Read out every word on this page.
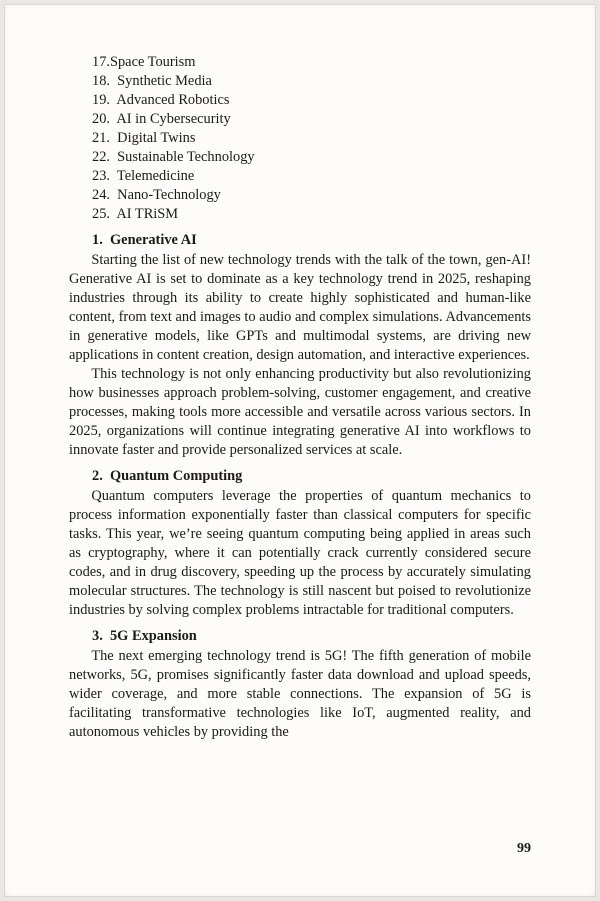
17.Space Tourism
18.  Synthetic Media
19.  Advanced Robotics
20.  AI in Cybersecurity
21.  Digital Twins
22.  Sustainable Technology
23.  Telemedicine
24.  Nano-Technology
25.  AI TRiSM
1.  Generative AI

Starting the list of new technology trends with the talk of the town, gen-AI! Generative AI is set to dominate as a key technology trend in 2025, reshaping industries through its ability to create highly sophisticated and human-like content, from text and images to audio and complex simulations. Advancements in generative models, like GPTs and multimodal systems, are driving new applications in content creation, design automation, and interactive experiences.

This technology is not only enhancing productivity but also revolutionizing how businesses approach problem-solving, customer engagement, and creative processes, making tools more accessible and versatile across various sectors. In 2025, organizations will continue integrating generative AI into workflows to innovate faster and provide personalized services at scale.

2.  Quantum Computing

Quantum computers leverage the properties of quantum mechanics to process information exponentially faster than classical computers for specific tasks. This year, we’re seeing quantum computing being applied in areas such as cryptography, where it can potentially crack currently considered secure codes, and in drug discovery, speeding up the process by accurately simulating molecular structures. The technology is still nascent but poised to revolutionize industries by solving complex problems intractable for traditional computers.

3.  5G Expansion

The next emerging technology trend is 5G! The fifth generation of mobile networks, 5G, promises significantly faster data download and upload speeds, wider coverage, and more stable connections. The expansion of 5G is facilitating transformative technologies like IoT, augmented reality, and autonomous vehicles by providing the

99
